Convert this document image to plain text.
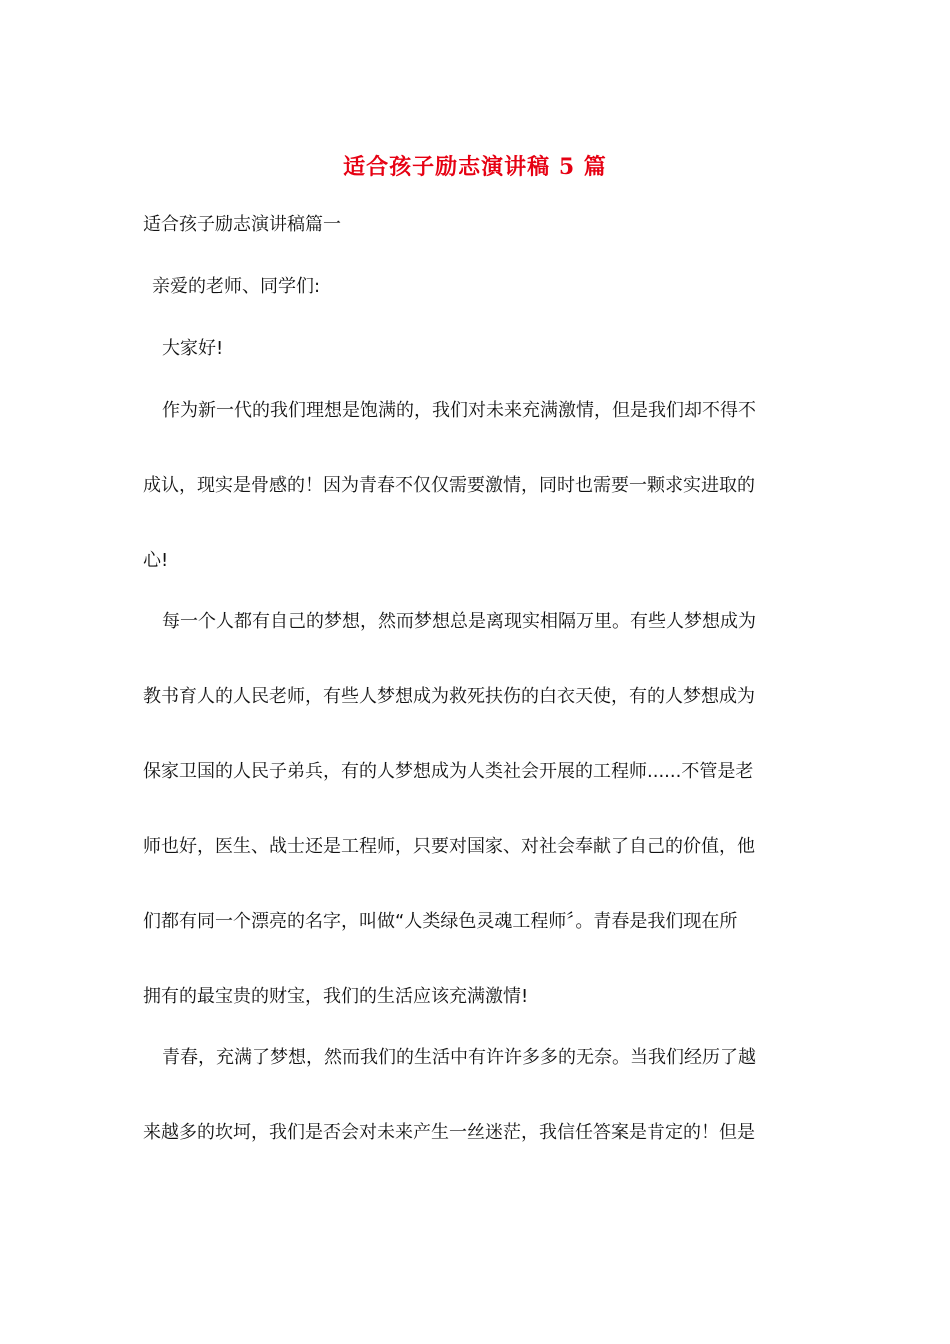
适合孩子励志演讲稿 5 篇
适合孩子励志演讲稿篇一
亲爱的老师、同学们:
大家好!
作为新一代的我们理想是饱满的，我们对未来充满激情，但是我们却不得不
成认，现实是骨感的！因为青春不仅仅需要激情，同时也需要一颗求实进取的
心!
每一个人都有自己的梦想，然而梦想总是离现实相隔万里。有些人梦想成为
教书育人的人民老师，有些人梦想成为救死扶伤的白衣天使，有的人梦想成为
保家卫国的人民子弟兵，有的人梦想成为人类社会开展的工程师......不管是老
师也好，医生、战士还是工程师，只要对国家、对社会奉献了自己的价值，他
们都有同一个漂亮的名字，叫做“人类绿色灵魂工程师〞。青春是我们现在所
拥有的最宝贵的财宝，我们的生活应该充满激情!
青春，充满了梦想，然而我们的生活中有许许多多的无奈。当我们经历了越
来越多的坎坷，我们是否会对未来产生一丝迷茫，我信任答案是肯定的！但是
